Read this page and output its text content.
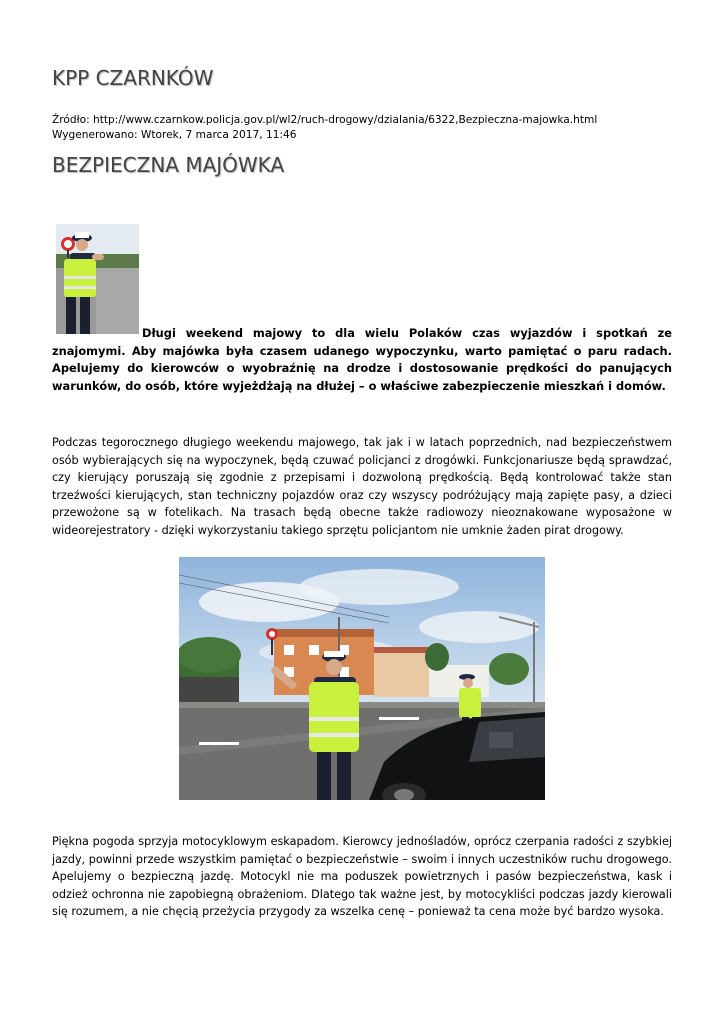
KPP CZARNKÓW
Źródło: http://www.czarnkow.policja.gov.pl/wl2/ruch-drogowy/dzialania/6322,Bezpieczna-majowka.html
Wygenerowano: Wtorek, 7 marca 2017, 11:46
BEZPIECZNA MAJÓWKA
Długi weekend majowy to dla wielu Polaków czas wyjazdów i spotkań ze znajomymi. Aby majówka była czasem udanego wypoczynku, warto pamiętać o paru radach. Apelujemy do kierowców o wyobraźnię na drodze i dostosowanie prędkości do panujących warunków, do osób, które wyjeżdżają na dłużej – o właściwe zabezpieczenie mieszkań i domów.
Podczas tegorocznego długiego weekendu majowego, tak jak i w latach poprzednich, nad bezpieczeństwem osób wybierających się na wypoczynek, będą czuwać policjanci z drogówki. Funkcjonariusze będą sprawdzać, czy kierujący poruszają się zgodnie z przepisami i dozwoloną prędkością. Będą kontrolować także stan trzeźwości kierujących, stan techniczny pojazdów oraz czy wszyscy podróżujący mają zapięte pasy, a dzieci przewożone są w fotelikach. Na trasach będą obecne także radiowozy nieoznakowane wyposażone w wideorejestratory - dzięki wykorzystaniu takiego sprzętu policjantom nie umknie żaden pirat drogowy.
Piękna pogoda sprzyja motocyklowym eskapadom. Kierowcy jednośladów, oprócz czerpania radości z szybkiej jazdy, powinni przede wszystkim pamiętać o bezpieczeństwie – swoim i innych uczestników ruchu drogowego. Apelujemy o bezpieczną jazdę. Motocykl nie ma poduszek powietrznych i pasów bezpieczeństwa, kask i odzież ochronna nie zapobiegną obrażeniom. Dlatego tak ważne jest, by motocykliści podczas jazdy kierowali się rozumem, a nie chęcią przeżycia przygody za wszelka cenę – ponieważ ta cena może być bardzo wysoka.
